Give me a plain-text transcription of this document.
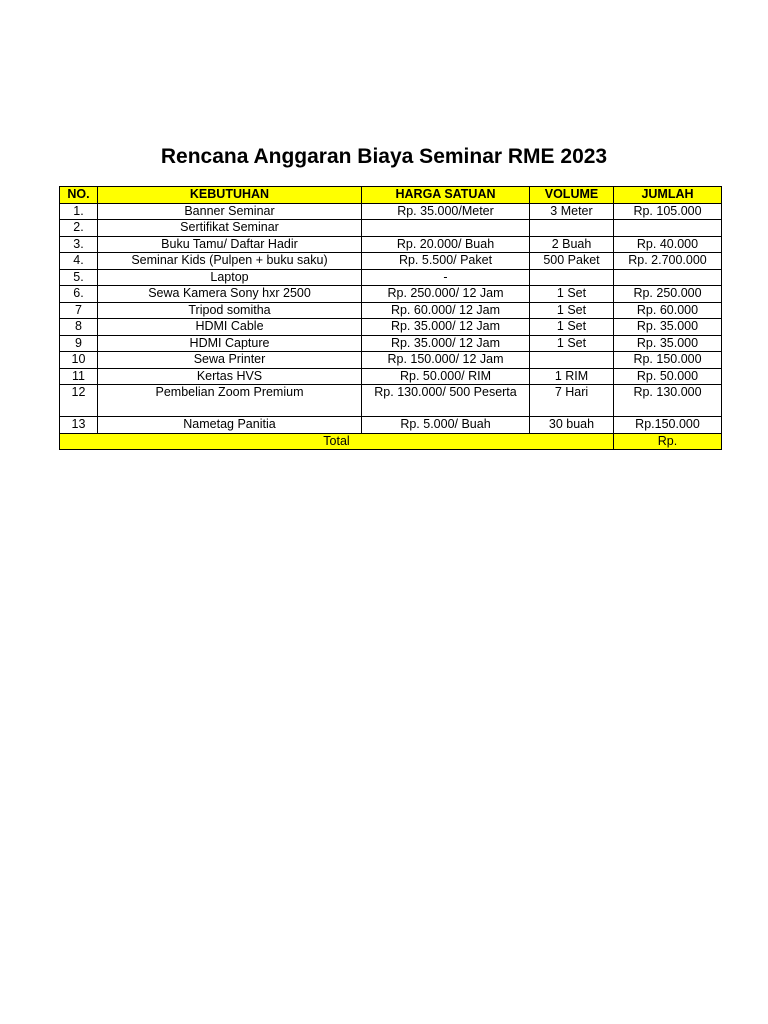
Rencana Anggaran Biaya Seminar RME 2023
NO.	KEBUTUHAN	HARGA SATUAN	VOLUME	JUMLAH
1.	Banner Seminar	Rp. 35.000/Meter	3 Meter	Rp. 105.000
2.	Sertifikat Seminar			
3.	Buku Tamu/ Daftar Hadir	Rp. 20.000/ Buah	2 Buah	Rp. 40.000
4.	Seminar Kids (Pulpen + buku saku)	Rp. 5.500/ Paket	500 Paket	Rp. 2.700.000
5.	Laptop	-		
6.	Sewa Kamera Sony hxr 2500	Rp. 250.000/ 12 Jam	1 Set	Rp. 250.000
7	Tripod somitha	Rp. 60.000/ 12 Jam	1 Set	Rp. 60.000
8	HDMI Cable	Rp. 35.000/ 12 Jam	1 Set	Rp. 35.000
9	HDMI Capture	Rp. 35.000/ 12 Jam	1 Set	Rp. 35.000
10	Sewa Printer	Rp. 150.000/ 12 Jam		Rp. 150.000
11	Kertas HVS	Rp. 50.000/ RIM	1 RIM	Rp. 50.000
12	Pembelian Zoom Premium	Rp. 130.000/ 500 Peserta	7 Hari	Rp. 130.000
13	Nametag Panitia	Rp. 5.000/ Buah	30 buah	Rp.150.000
Total				Rp.
